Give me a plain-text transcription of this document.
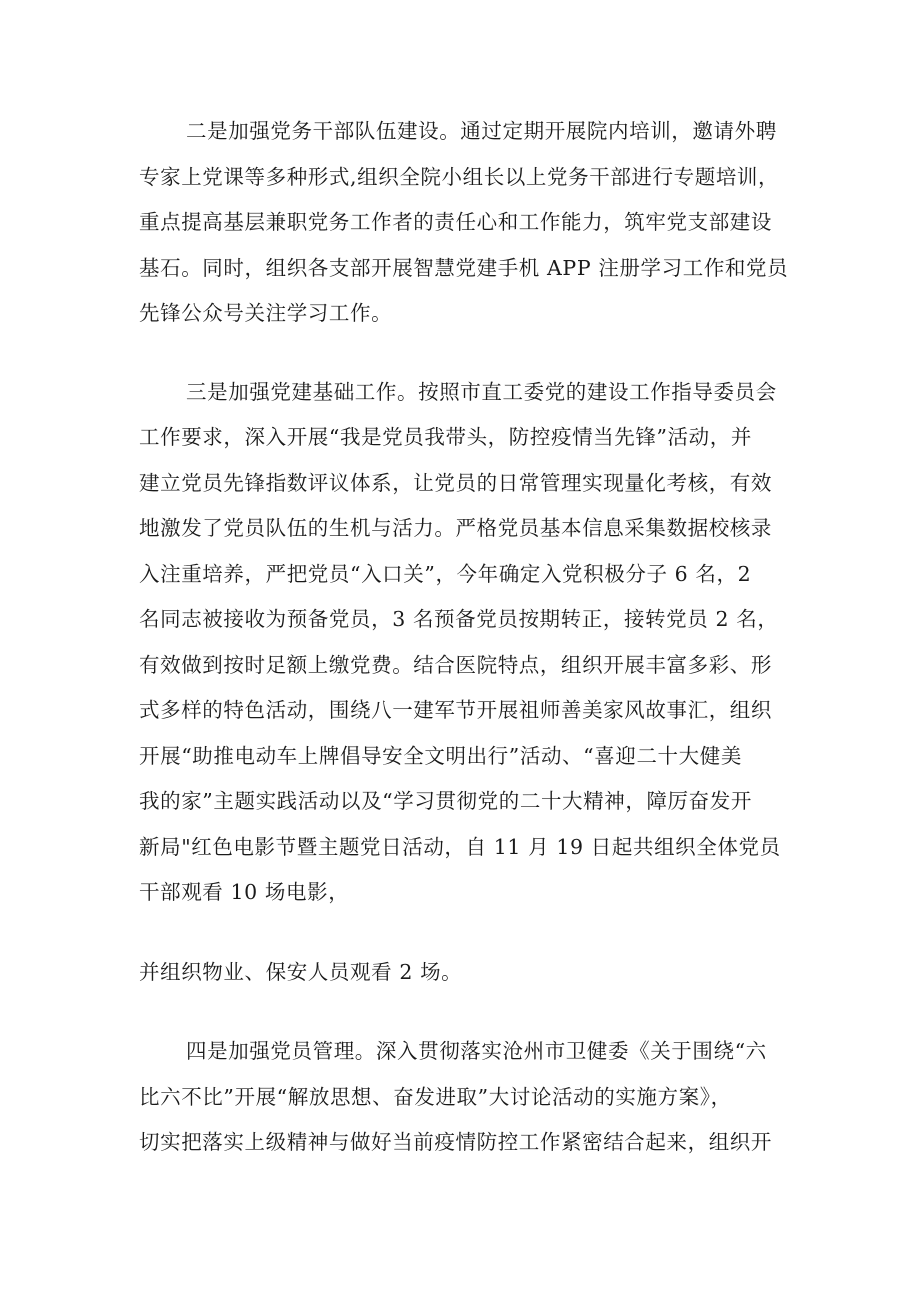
二是加强党务干部队伍建设。通过定期开展院内培训，邀请外聘
专家上党课等多种形式,组织全院小组长以上党务干部进行专题培训，
重点提高基层兼职党务工作者的责任心和工作能力，筑牢党支部建设
基石。同时，组织各支部开展智慧党建手机 APP 注册学习工作和党员
先锋公众号关注学习工作。
三是加强党建基础工作。按照市直工委党的建设工作指导委员会
工作要求，深入开展“我是党员我带头，防控疫情当先锋”活动，并
建立党员先锋指数评议体系，让党员的日常管理实现量化考核，有效
地激发了党员队伍的生机与活力。严格党员基本信息采集数据校核录
入注重培养，严把党员“入口关”，今年确定入党积极分子 6 名，2
名同志被接收为预备党员，3 名预备党员按期转正，接转党员 2 名，
有效做到按时足额上缴党费。结合医院特点，组织开展丰富多彩、形
式多样的特色活动，围绕八一建军节开展祖师善美家风故事汇，组织
开展“助推电动车上牌倡导安全文明出行”活动、“喜迎二十大健美
我的家”主题实践活动以及“学习贯彻党的二十大精神，障厉奋发开
新局"红色电影节暨主题党日活动，自 11 月 19 日起共组织全体党员
干部观看 10 场电影，
并组织物业、保安人员观看 2 场。
四是加强党员管理。深入贯彻落实沧州市卫健委《关于围绕“六
比六不比”开展“解放思想、奋发进取”大讨论活动的实施方案》，
切实把落实上级精神与做好当前疫情防控工作紧密结合起来，组织开
